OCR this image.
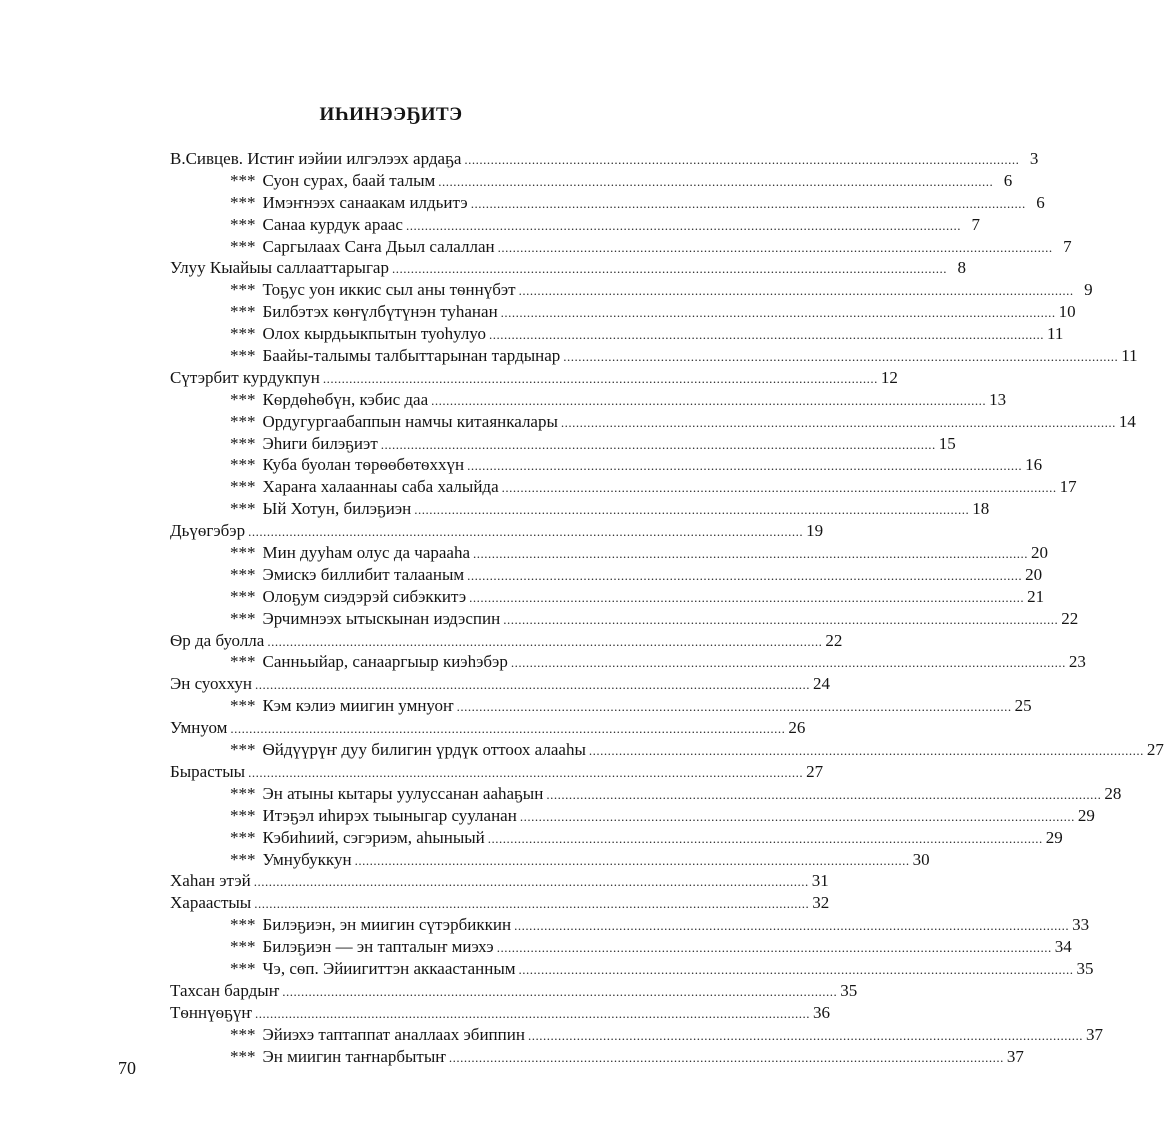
ИҺИНЭЭҔИТЭ
В.Сивцев. Истиҥ иэйии илгэлээх ардаҕа .................................................................................................................................................... 3
*** Суон сурах, баай талым .................................................................................................................................................... 6
*** Имэҥнээх санаакам илдьитэ .................................................................................................................................................... 6
*** Санаа курдук араас .................................................................................................................................................... 7
*** Саргылаах Саҥа Дьыл салаллан .................................................................................................................................................... 7
Улуу Кыайыы саллааттарыгар .................................................................................................................................................... 8
*** Тоҕус уон иккис сыл аны тѳннүбэт .................................................................................................................................................... 9
*** Билбэтэх кѳҥүлбүтүнэн туһанан .................................................................................................................................................... 10
*** Олох кырдьыкпытын туоһулуо .................................................................................................................................................... 11
*** Баайы-талымы талбыттарынан тардынар .................................................................................................................................................... 11
Сүтэрбит курдукпун .................................................................................................................................................... 12
*** Кѳрдѳһѳбүн, кэбис даа .................................................................................................................................................... 13
*** Ордугургаабаппын намчы китаянкалары .................................................................................................................................................... 14
*** Эһиги билэҕиэт .................................................................................................................................................... 15
*** Куба буолан тѳрѳѳбѳтѳххүн .................................................................................................................................................... 16
*** Хараҥа халааннаы саба халыйда .................................................................................................................................................... 17
*** Ый Хотун, билэҕиэн .................................................................................................................................................... 18
Дьүѳгэбэр .................................................................................................................................................... 19
*** Мин дууһам олус да чарааһа .................................................................................................................................................... 20
*** Эмискэ биллибит талааным .................................................................................................................................................... 20
*** Олоҕум сиэдэрэй сибэккитэ .................................................................................................................................................... 21
*** Эрчимнээх ытыскынан иэдэспин .................................................................................................................................................... 22
Ѳр да буолла .................................................................................................................................................... 22
*** Санньыйар, санааргыыр киэһэбэр .................................................................................................................................................... 23
Эн суоххун .................................................................................................................................................... 24
*** Кэм кэлиэ миигин умнуоҥ .................................................................................................................................................... 25
Умнуом .................................................................................................................................................... 26
*** Ѳйдүүрүҥ дуу билигин үрдүк оттоох алааһы .................................................................................................................................................... 27
Бырастыы .................................................................................................................................................... 27
*** Эн атыны кытары уулуссанан ааһаҕын .................................................................................................................................................... 28
*** Итэҕэл иһирэх тыыныгар сууланан .................................................................................................................................................... 29
*** Кэбиһиий, сэгэриэм, аһыныый .................................................................................................................................................... 29
*** Умнубуккун .................................................................................................................................................... 30
Хаһан этэй .................................................................................................................................................... 31
Хараастыы .................................................................................................................................................... 32
*** Билэҕиэн, эн миигин сүтэрбиккин .................................................................................................................................................... 33
*** Билэҕиэн — эн тапталыҥ миэхэ .................................................................................................................................................... 34
*** Чэ, сѳп. Эйиигиттэн аккаастанным .................................................................................................................................................... 35
Тахсан бардыҥ .................................................................................................................................................... 35
Тѳннүѳҕүҥ .................................................................................................................................................... 36
*** Эйиэхэ таптаппат аналлаах эбиппин .................................................................................................................................................... 37
*** Эн миигин таҥнарбытыҥ .................................................................................................................................................... 37
70
